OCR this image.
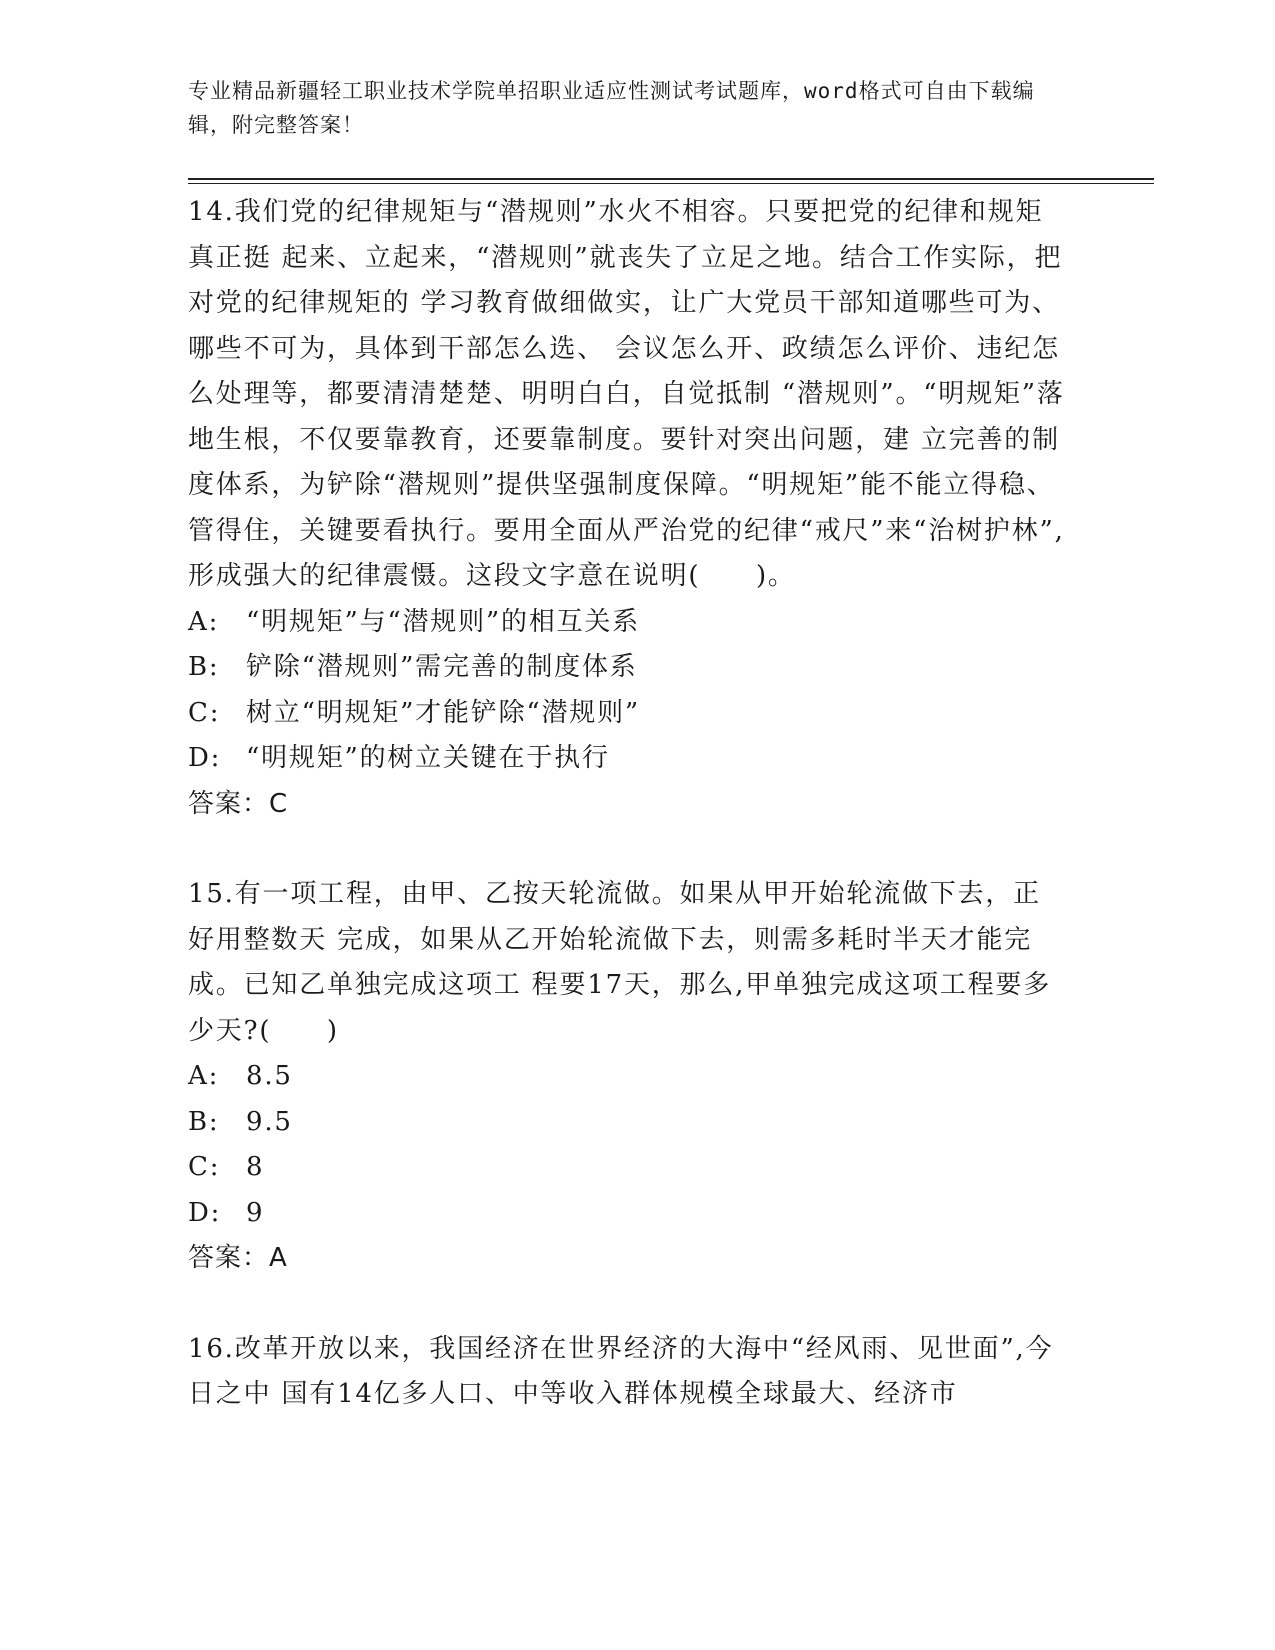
专业精品新疆轻工职业技术学院单招职业适应性测试考试题库，word格式可自由下载编辑，附完整答案！

14.我们党的纪律规矩与“潜规则”水火不相容。只要把党的纪律和规矩真正挺 起来、立起来，“潜规则”就丧失了立足之地。结合工作实际，把对党的纪律规矩的 学习教育做细做实，让广大党员干部知道哪些可为、哪些不可为，具体到干部怎么选、 会议怎么开、政绩怎么评价、违纪怎么处理等，都要清清楚楚、明明白白，自觉抵制 “潜规则”。“明规矩”落地生根，不仅要靠教育，还要靠制度。要针对突出问题，建 立完善的制度体系，为铲除“潜规则”提供坚强制度保障。“明规矩”能不能立得稳、 管得住，关键要看执行。要用全面从严治党的纪律“戒尺”来“治树护林”,形成强大的纪律震慑。这段文字意在说明(　　)。

A: “明规矩”与“潜规则”的相互关系

B: 铲除“潜规则”需完善的制度体系

C: 树立“明规矩”才能铲除“潜规则”

D: “明规矩”的树立关键在于执行

答案：C

15.有一项工程，由甲、乙按天轮流做。如果从甲开始轮流做下去，正好用整数天 完成，如果从乙开始轮流做下去，则需多耗时半天才能完成。已知乙单独完成这项工 程要17天，那么,甲单独完成这项工程要多少天?(　　)

A: 8.5

B: 9.5

C: 8

D: 9

答案：A

16.改革开放以来，我国经济在世界经济的大海中“经风雨、见世面”,今日之中 国有14亿多人口、中等收入群体规模全球最大、经济市
